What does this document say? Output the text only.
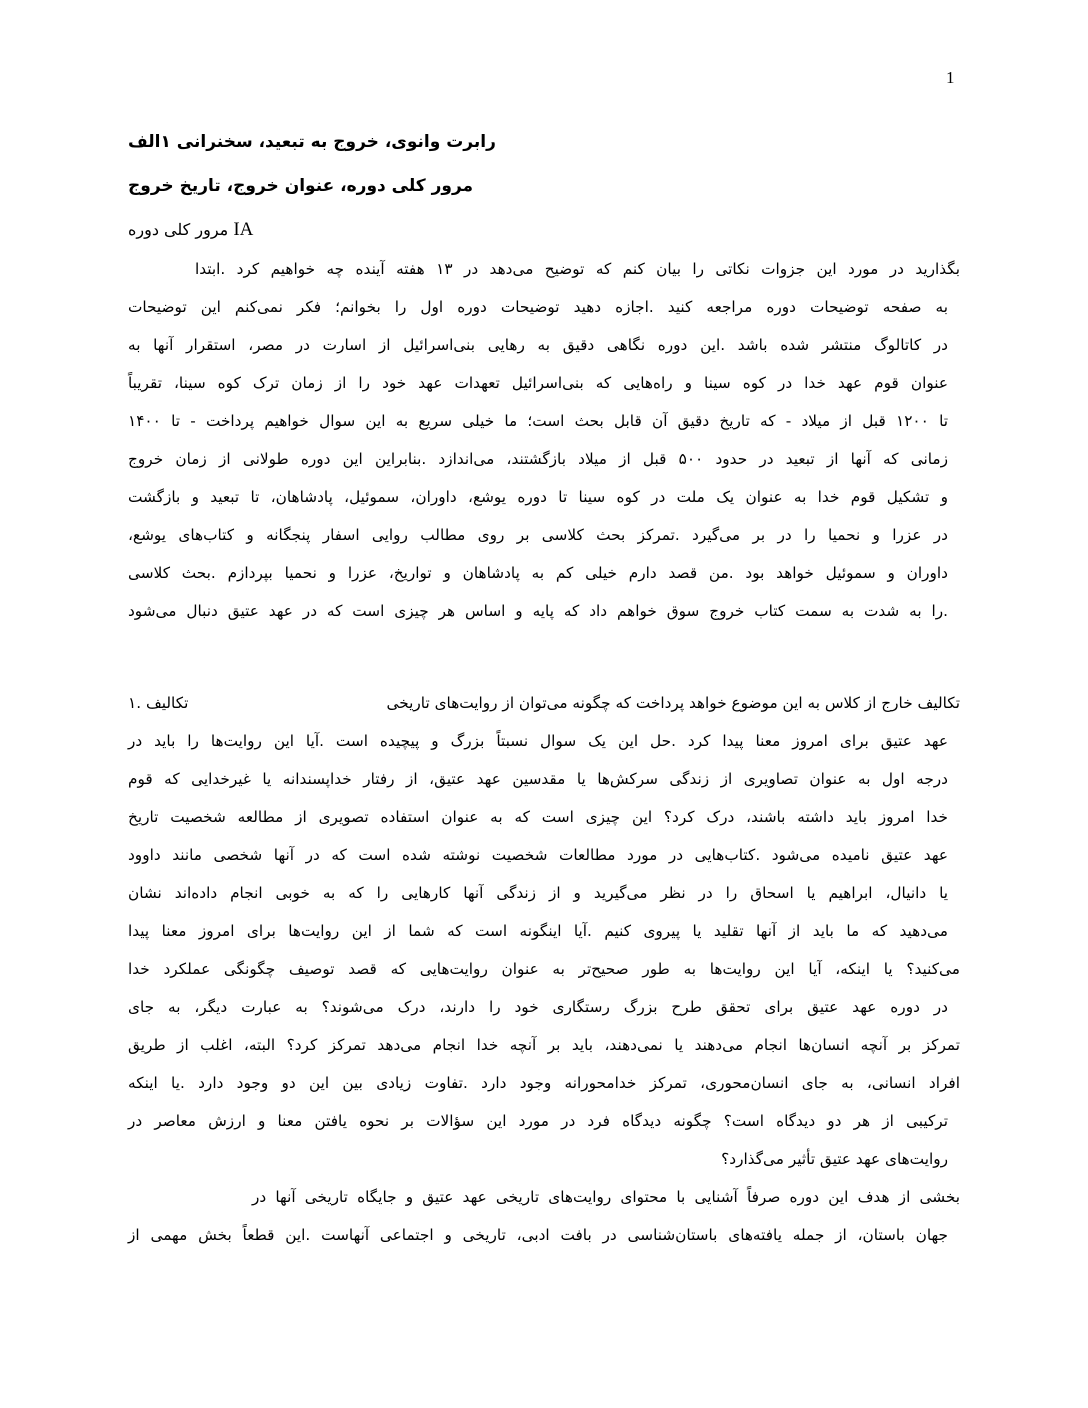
1
رابرت وانوی، خروج به تبعید، سخنرانی ۱الف
مرور کلی دوره، عنوان خروج، تاریخ خروج
IA مرور کلی دوره
بگذارید در مورد این جزوات نکاتی را بیان کنم که توضیح می‌دهد در ۱۳ هفته آینده چه خواهیم کرد .ابتدا
به صفحه توضیحات دوره مراجعه کنید .اجازه دهید توضیحات دوره اول را بخوانم؛ فکر نمی‌کنم این توضیحات
در کاتالوگ منتشر شده باشد .این دوره نگاهی دقیق به رهایی بنی‌اسرائیل از اسارت در مصر، استقرار آنها به
عنوان قوم عهد خدا در کوه سینا و راه‌هایی که بنی‌اسرائیل تعهدات عهد خود را از زمان ترک کوه سینا، تقریباً
تا ۱۲۰۰ قبل از میلاد - که تاریخ دقیق آن قابل بحث است؛ ما خیلی سریع به این سوال خواهیم پرداخت - تا ۱۴۰۰
زمانی که آنها از تبعید در حدود ۵۰۰ قبل از میلاد بازگشتند، می‌اندازد .بنابراین این دوره طولانی از زمان خروج
و تشکیل قوم خدا به عنوان یک ملت در کوه سینا تا دوره یوشع، داوران، سموئیل، پادشاهان، تا تبعید و بازگشت
در عزرا و نحمیا را در بر می‌گیرد .تمرکز بحث کلاسی بر روی مطالب روایی اسفار پنجگانه و کتاب‌های یوشع،
داوران و سموئیل خواهد بود .من قصد دارم خیلی کم به پادشاهان و تواریخ، عزرا و نحمیا بپردازم .بحث کلاسی
.را به شدت به سمت کتاب خروج سوق خواهم داد که پایه و اساس هر چیزی است که در عهد عتیق دنبال می‌شود
تکالیف خارج از کلاس به این موضوع خواهد پرداخت که چگونه می‌توان از روایت‌های تاریخی
تکالیف .۱
عهد عتیق برای امروز معنا پیدا کرد .حل این یک سوال نسبتاً بزرگ و پیچیده است .آیا این روایت‌ها را باید در
درجه اول به عنوان تصاویری از زندگی سرکش‌ها یا مقدسین عهد عتیق، از رفتار خداپسندانه یا غیرخدایی که قوم
خدا امروز باید داشته باشند، درک کرد؟ این چیزی است که به عنوان استفاده تصویری از مطالعه شخصیت تاریخ
عهد عتیق نامیده می‌شود .کتاب‌هایی در مورد مطالعات شخصیت نوشته شده است که در آنها شخصی مانند داوود
یا دانیال، ابراهیم یا اسحاق را در نظر می‌گیرید و از زندگی آنها کارهایی را که به خوبی انجام داده‌اند نشان
می‌دهید که ما باید از آنها تقلید یا پیروی کنیم .آیا اینگونه است که شما از این روایت‌ها برای امروز معنا پیدا
می‌کنید؟ یا اینکه، آیا این روایت‌ها به طور صحیح‌تر به عنوان روایت‌هایی که قصد توصیف چگونگی عملکرد خدا
در دوره عهد عتیق برای تحقق طرح بزرگ رستگاری خود را دارند، درک می‌شوند؟ به عبارت دیگر، به جای
تمرکز بر آنچه انسان‌ها انجام می‌دهند یا نمی‌دهند، باید بر آنچه خدا انجام می‌دهد تمرکز کرد؟ البته، اغلب از طریق
افراد انسانی، به جای انسان‌محوری، تمرکز خدامحورانه وجود دارد .تفاوت زیادی بین این دو وجود دارد .یا اینکه
ترکیبی از هر دو دیدگاه است؟ چگونه دیدگاه فرد در مورد این سؤالات بر نحوه یافتن معنا و ارزش معاصر در
روایت‌های عهد عتیق تأثیر می‌گذارد؟
بخشی از هدف این دوره صرفاً آشنایی با محتوای روایت‌های تاریخی عهد عتیق و جایگاه تاریخی آنها در
جهان باستان، از جمله یافته‌های باستان‌شناسی در بافت ادبی، تاریخی و اجتماعی آنهاست .این قطعاً بخش مهمی از
